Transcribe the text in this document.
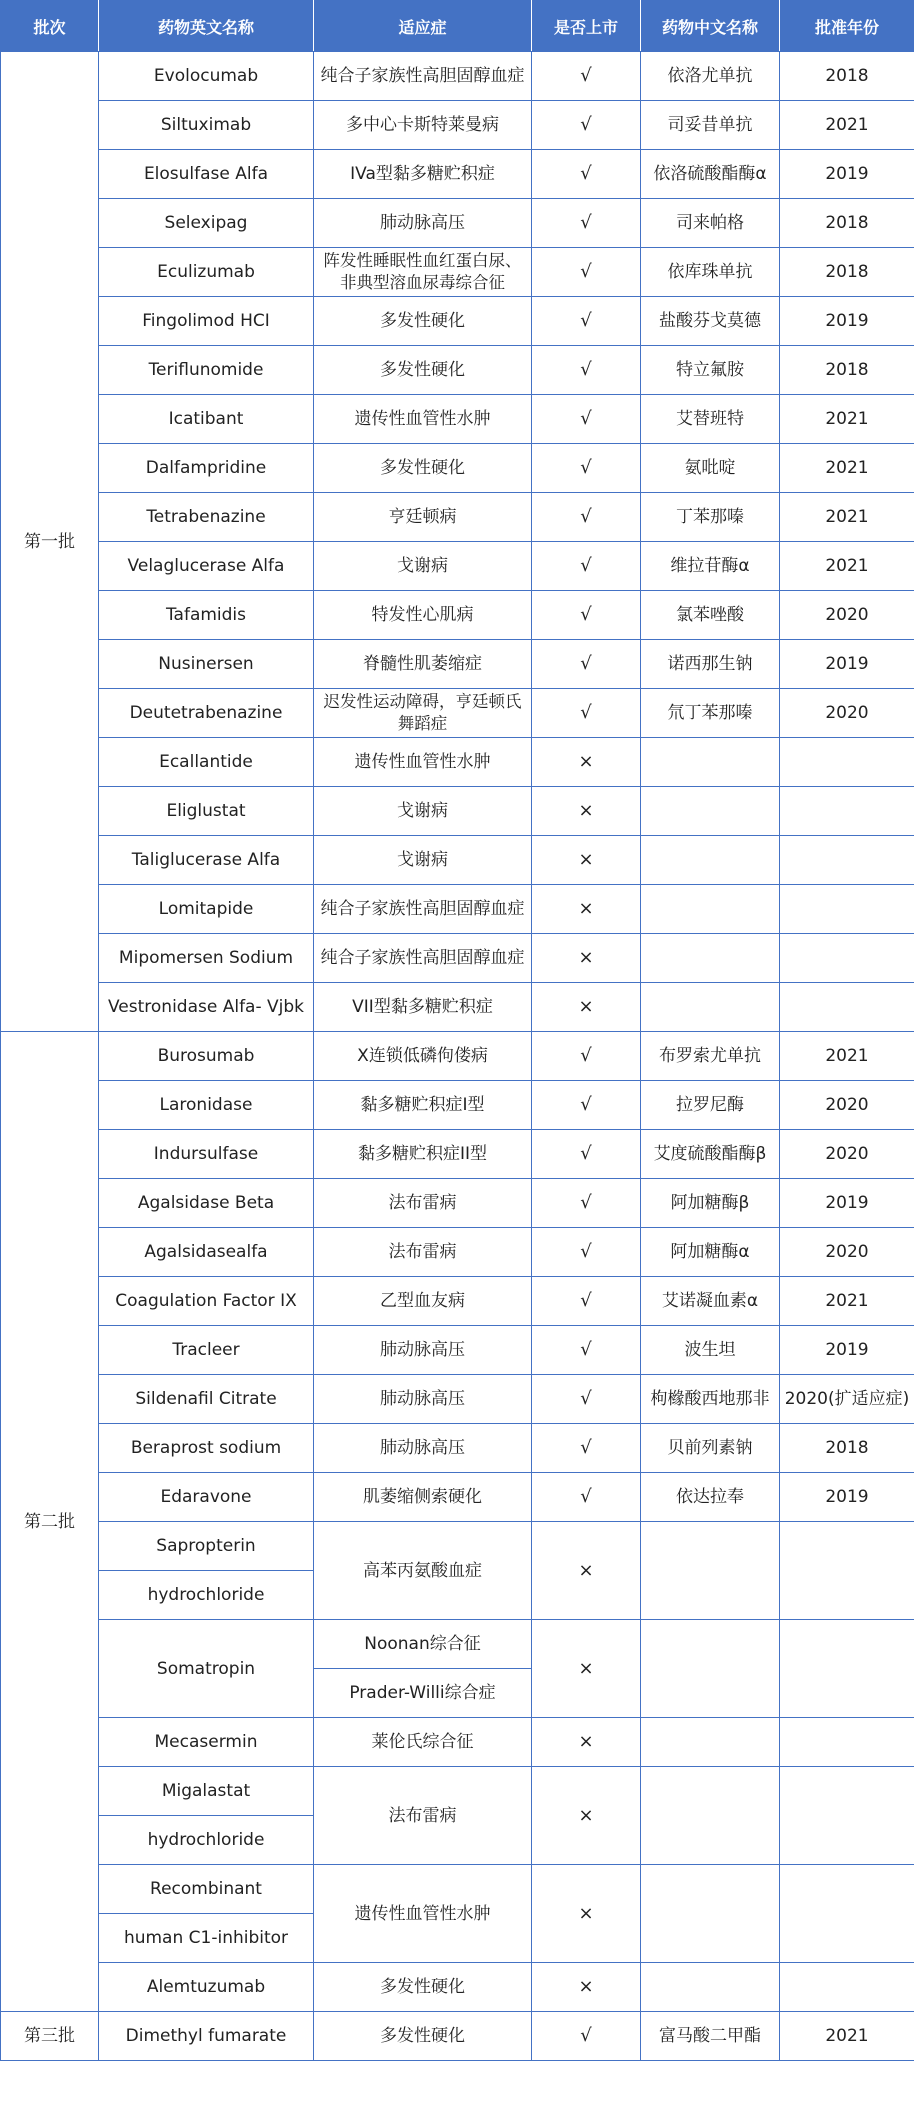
批次	药物英文名称	适应症	是否上市	药物中文名称	批准年份
第一批	Evolocumab	纯合子家族性高胆固醇血症	√	依洛尤单抗	2018
	Siltuximab	多中心卡斯特莱曼病	√	司妥昔单抗	2021
	Elosulfase Alfa	IVa型黏多糖贮积症	√	依洛硫酸酯酶α	2019
	Selexipag	肺动脉高压	√	司来帕格	2018
	Eculizumab	阵发性睡眠性血红蛋白尿、非典型溶血尿毒综合征	√	依库珠单抗	2018
	Fingolimod HCI	多发性硬化	√	盐酸芬戈莫德	2019
	Teriflunomide	多发性硬化	√	特立氟胺	2018
	Icatibant	遗传性血管性水肿	√	艾替班特	2021
	Dalfampridine	多发性硬化	√	氨吡啶	2021
	Tetrabenazine	亨廷顿病	√	丁苯那嗪	2021
	Velaglucerase Alfa	戈谢病	√	维拉苷酶α	2021
	Tafamidis	特发性心肌病	√	氯苯唑酸	2020
	Nusinersen	脊髓性肌萎缩症	√	诺西那生钠	2019
	Deutetrabenazine	迟发性运动障碍，亨廷顿氏舞蹈症	√	氘丁苯那嗪	2020
	Ecallantide	遗传性血管性水肿	×		
	Eliglustat	戈谢病	×		
	Taliglucerase Alfa	戈谢病	×		
	Lomitapide	纯合子家族性高胆固醇血症	×		
	Mipomersen Sodium	纯合子家族性高胆固醇血症	×		
	Vestronidase Alfa- Vjbk	VII型黏多糖贮积症	×		
第二批	Burosumab	X连锁低磷佝偻病	√	布罗索尤单抗	2021
	Laronidase	黏多糖贮积症I型	√	拉罗尼酶	2020
	Indursulfase	黏多糖贮积症II型	√	艾度硫酸酯酶β	2020
	Agalsidase Beta	法布雷病	√	阿加糖酶β	2019
	Agalsidasealfa	法布雷病	√	阿加糖酶α	2020
	Coagulation Factor IX	乙型血友病	√	艾诺凝血素α	2021
	Tracleer	肺动脉高压	√	波生坦	2019
	Sildenafil Citrate	肺动脉高压	√	枸橼酸西地那非	2020(扩适应症)
	Beraprost sodium	肺动脉高压	√	贝前列素钠	2018
	Edaravone	肌萎缩侧索硬化	√	依达拉奉	2019
	Sapropterin	高苯丙氨酸血症	×		
	hydrochloride				
	Somatropin	Noonan综合征	×		
		Prader-Willi综合症			
	Mecasermin	莱伦氏综合征	×		
	Migalastat	法布雷病	×		
	hydrochloride				
	Recombinant	遗传性血管性水肿	×		
	human C1-inhibitor				
	Alemtuzumab	多发性硬化	×		
第三批	Dimethyl fumarate	多发性硬化	√	富马酸二甲酯	2021
